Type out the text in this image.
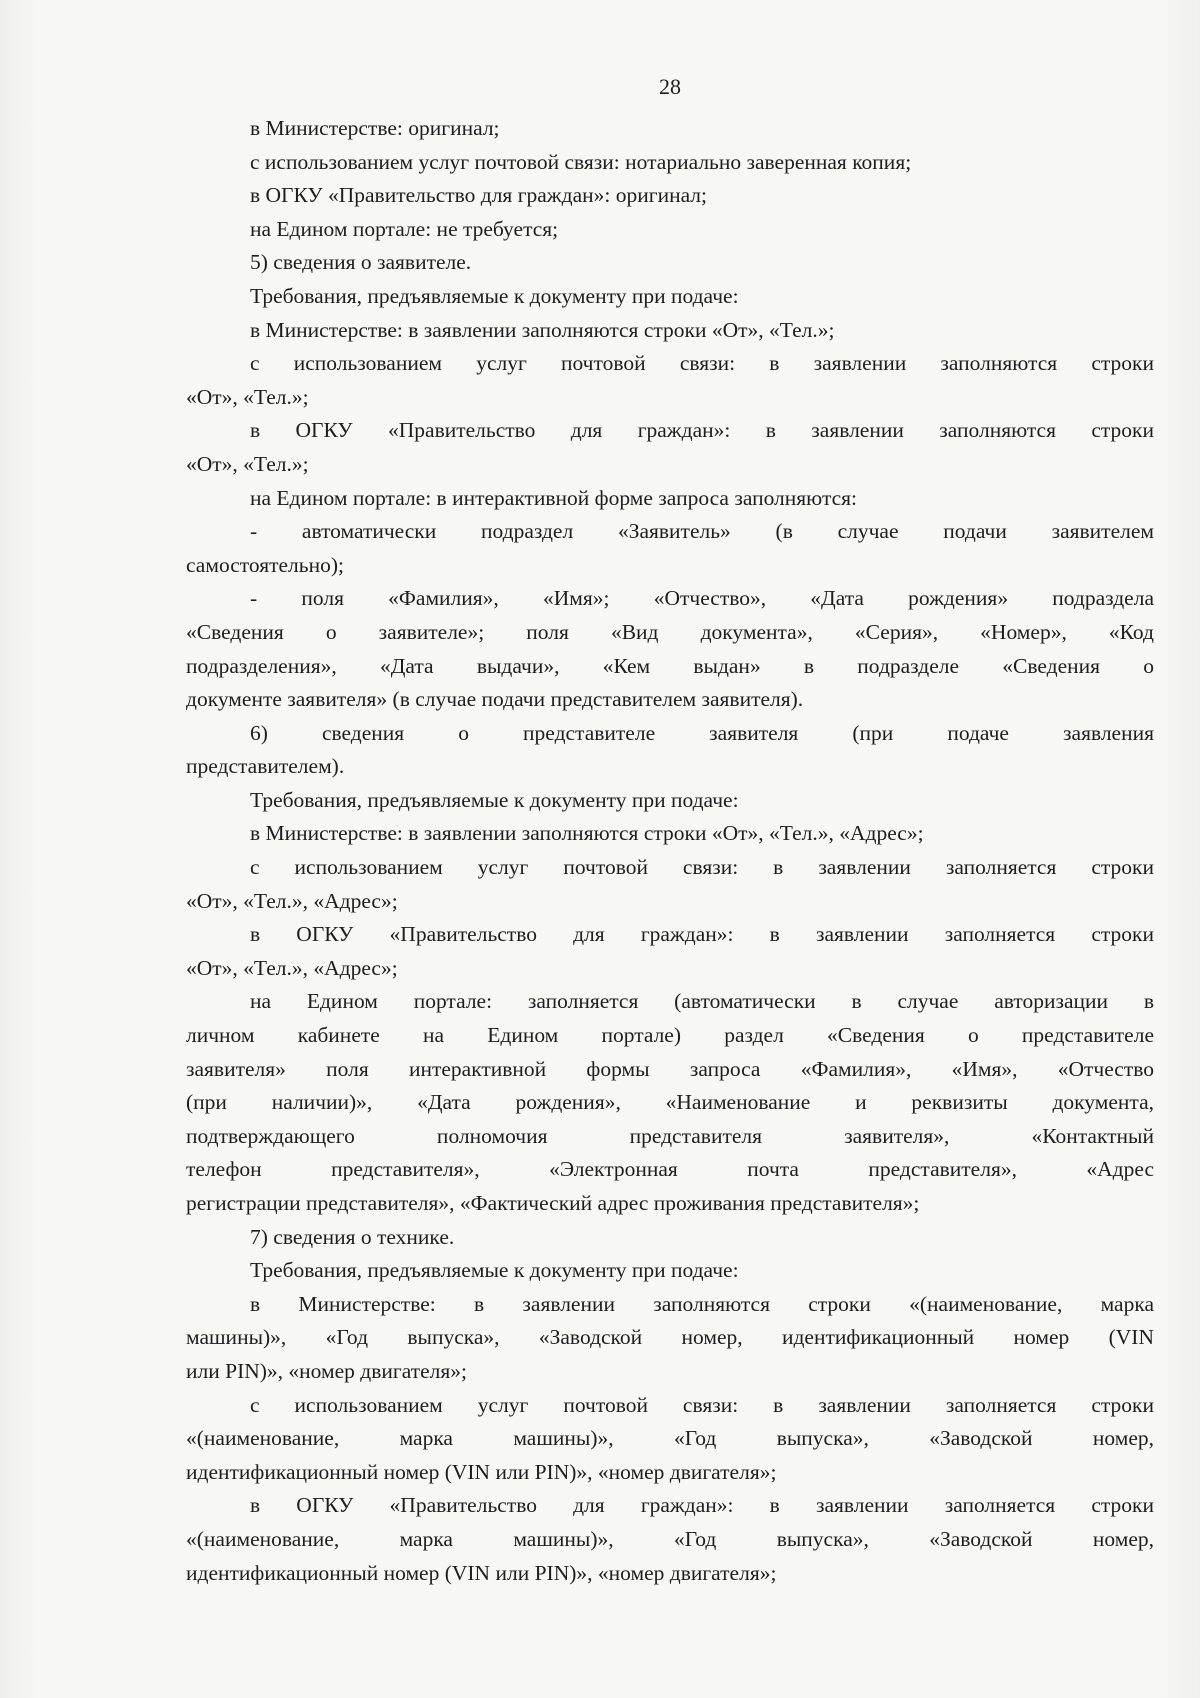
28
в Министерстве: оригинал;
с использованием услуг почтовой связи: нотариально заверенная копия;
в ОГКУ «Правительство для граждан»: оригинал;
на Едином портале: не требуется;
5) сведения о заявителе.
Требования, предъявляемые к документу при подаче:
в Министерстве: в заявлении заполняются строки «От», «Тел.»;
с использованием услуг почтовой связи: в заявлении заполняются строки
«От», «Тел.»;
в ОГКУ «Правительство для граждан»: в заявлении заполняются строки
«От», «Тел.»;
на Едином портале: в интерактивной форме запроса заполняются:
- автоматически подраздел «Заявитель» (в случае подачи заявителем
самостоятельно);
- поля «Фамилия», «Имя»; «Отчество», «Дата рождения» подраздела
«Сведения о заявителе»; поля «Вид документа», «Серия», «Номер», «Код
подразделения», «Дата выдачи», «Кем выдан» в подразделе «Сведения о
документе заявителя» (в случае подачи представителем заявителя).
6) сведения о представителе заявителя (при подаче заявления
представителем).
Требования, предъявляемые к документу при подаче:
в Министерстве: в заявлении заполняются строки «От», «Тел.», «Адрес»;
с использованием услуг почтовой связи: в заявлении заполняется строки
«От», «Тел.», «Адрес»;
в ОГКУ «Правительство для граждан»: в заявлении заполняется строки
«От», «Тел.», «Адрес»;
на Едином портале: заполняется (автоматически в случае авторизации в
личном кабинете на Едином портале) раздел «Сведения о представителе
заявителя» поля интерактивной формы запроса «Фамилия», «Имя», «Отчество
(при наличии)», «Дата рождения», «Наименование и реквизиты документа,
подтверждающего полномочия представителя заявителя», «Контактный
телефон представителя», «Электронная почта представителя», «Адрес
регистрации представителя», «Фактический адрес проживания представителя»;
7) сведения о технике.
Требования, предъявляемые к документу при подаче:
в Министерстве: в заявлении заполняются строки «(наименование, марка
машины)», «Год выпуска», «Заводской номер, идентификационный номер (VIN
или PIN)», «номер двигателя»;
с использованием услуг почтовой связи: в заявлении заполняется строки
«(наименование, марка машины)», «Год выпуска», «Заводской номер,
идентификационный номер (VIN или PIN)», «номер двигателя»;
в ОГКУ «Правительство для граждан»: в заявлении заполняется строки
«(наименование, марка машины)», «Год выпуска», «Заводской номер,
идентификационный номер (VIN или PIN)», «номер двигателя»;
